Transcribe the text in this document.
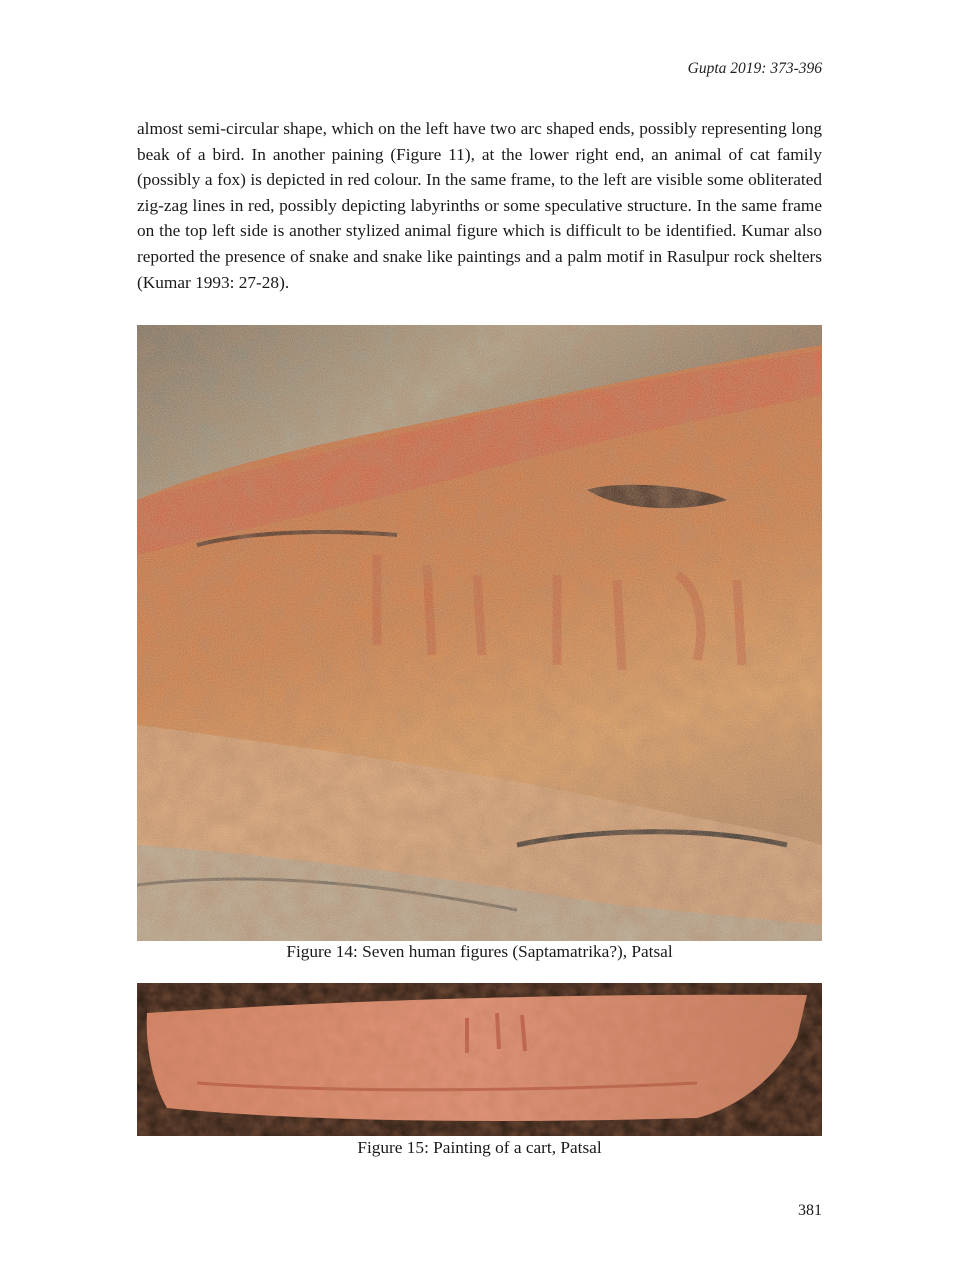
Gupta 2019: 373-396

almost semi-circular shape, which on the left have two arc shaped ends, possibly representing long beak of a bird. In another paining (Figure 11), at the lower right end, an animal of cat family (possibly a fox) is depicted in red colour. In the same frame, to the left are visible some obliterated zig-zag lines in red, possibly depicting labyrinths or some speculative structure. In the same frame on the top left side is another stylized animal figure which is difficult to be identified. Kumar also reported the presence of snake and snake like paintings and a palm motif in Rasulpur rock shelters (Kumar 1993: 27-28).

Figure 14: Seven human figures (Saptamatrika?), Patsal

Figure 15: Painting of a cart, Patsal

381
